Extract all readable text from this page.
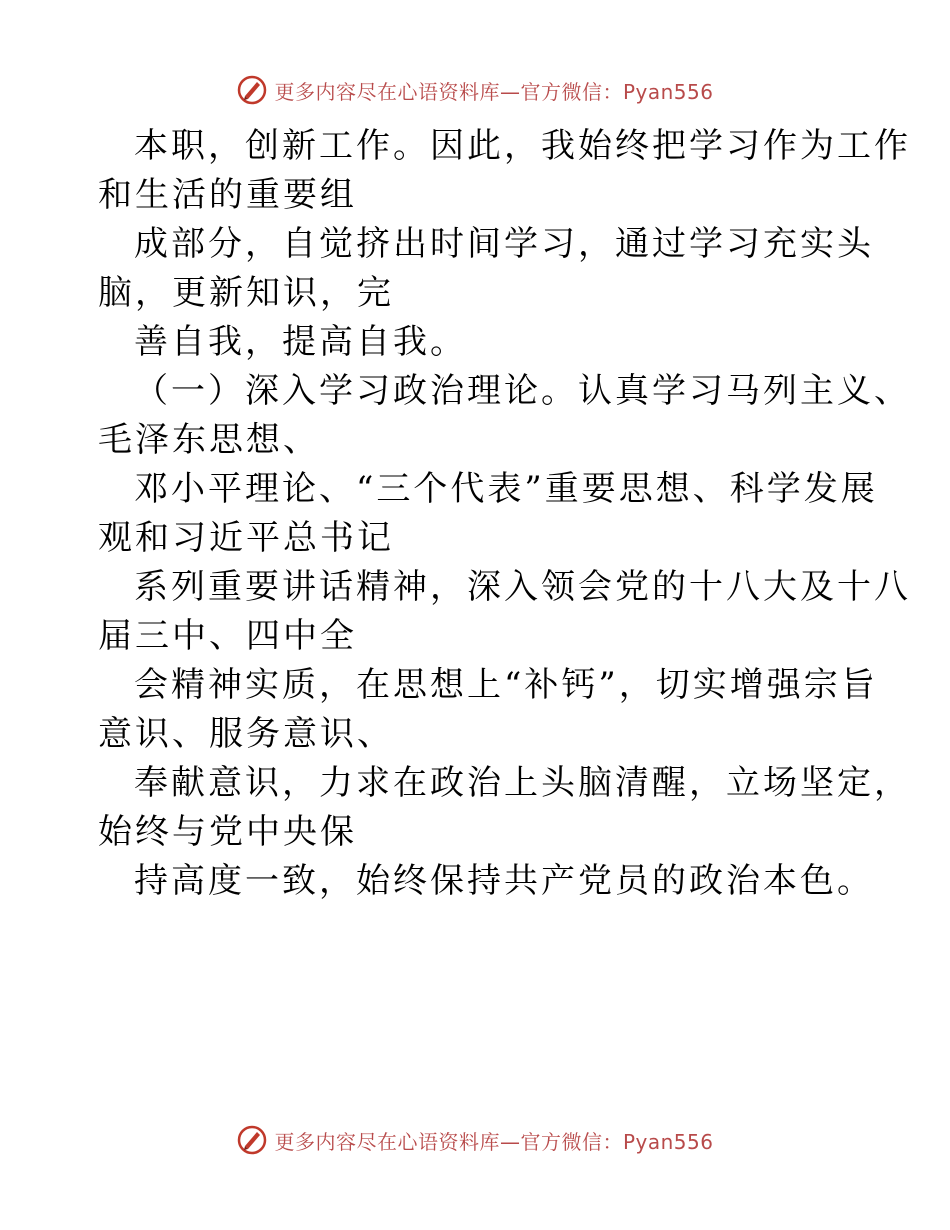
更多内容尽在心语资料库—官方微信：Pyan556
本职，创新工作。因此，我始终把学习作为工作
和生活的重要组
成部分，自觉挤出时间学习，通过学习充实头
脑，更新知识，完
善自我，提高自我。
（一）深入学习政治理论。认真学习马列主义、
毛泽东思想、
邓小平理论、“三个代表”重要思想、科学发展
观和习近平总书记
系列重要讲话精神，深入领会党的十八大及十八
届三中、四中全
会精神实质，在思想上“补钙”，切实增强宗旨
意识、服务意识、
奉献意识，力求在政治上头脑清醒，立场坚定，
始终与党中央保
持高度一致，始终保持共产党员的政治本色。
更多内容尽在心语资料库—官方微信：Pyan556
